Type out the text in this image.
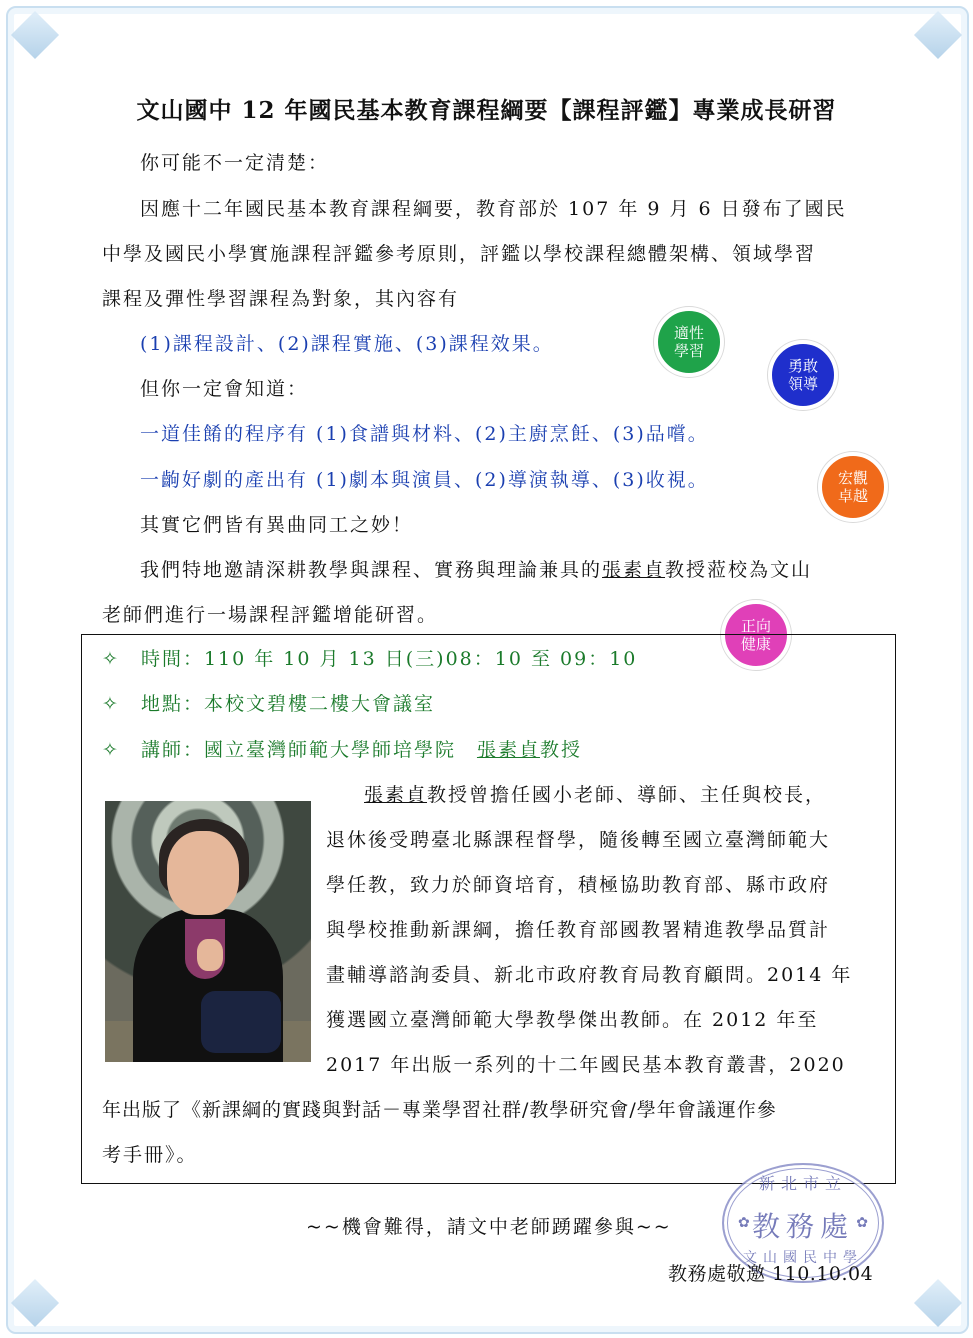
文山國中 12 年國民基本教育課程綱要【課程評鑑】專業成長研習
你可能不一定清楚：
因應十二年國民基本教育課程綱要，教育部於 107 年 9 月 6 日發布了國民
中學及國民小學實施課程評鑑參考原則，評鑑以學校課程總體架構、領域學習
課程及彈性學習課程為對象，其內容有
(1)課程設計、(2)課程實施、(3)課程效果。
但你一定會知道：
一道佳餚的程序有 (1)食譜與材料、(2)主廚烹飪、(3)品嚐。
一齣好劇的產出有 (1)劇本與演員、(2)導演執導、(3)收視。
其實它們皆有異曲同工之妙！
我們特地邀請深耕教學與課程、實務與理論兼具的張素貞教授蒞校為文山
老師們進行一場課程評鑑增能研習。
適性
學習
勇敢
領導
宏觀
卓越
正向
健康
✧　 時間：110 年 10 月 13 日(三)08：10 至 09：10
✧　 地點：本校文碧樓二樓大會議室
✧　 講師：國立臺灣師範大學師培學院　張素貞教授
張素貞教授曾擔任國小老師、導師、主任與校長，
退休後受聘臺北縣課程督學，隨後轉至國立臺灣師範大
學任教，致力於師資培育，積極協助教育部、縣市政府
與學校推動新課綱，擔任教育部國教署精進教學品質計
畫輔導諮詢委員、新北市政府教育局教育顧問。2014 年
獲選國立臺灣師範大學教學傑出教師。在 2012 年至
2017 年出版一系列的十二年國民基本教育叢書，2020
年出版了《新課綱的實踐與對話－專業學習社群/教學研究會/學年會議運作參
考手冊》。
~~機會難得，請文中老師踴躍參與~~
新北市立
✿ 教務處 ✿
文山國民中學
教務處敬邀 110.10.04
